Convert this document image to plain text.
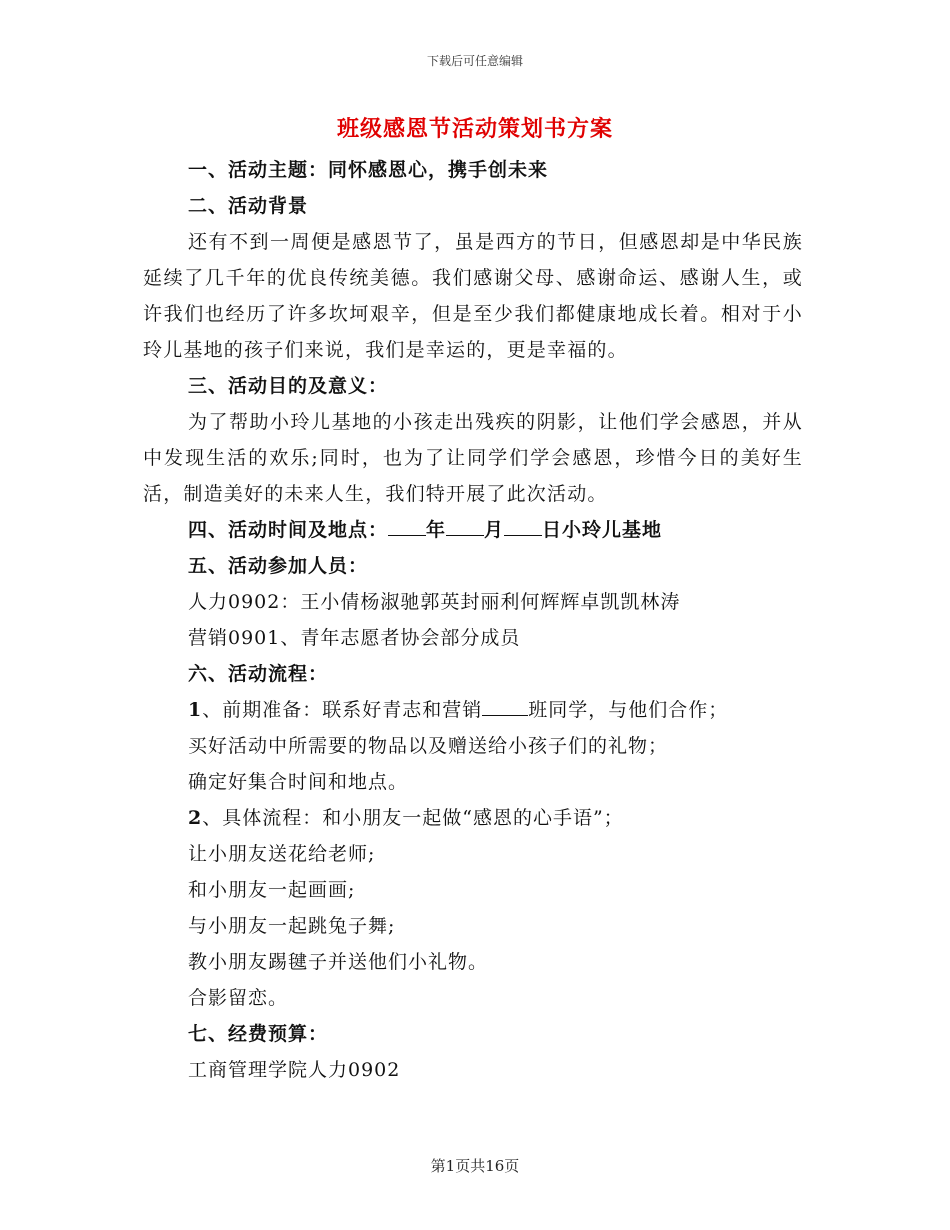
下载后可任意编辑
班级感恩节活动策划书方案
一、活动主题：同怀感恩心，携手创未来
二、活动背景

还有不到一周便是感恩节了，虽是西方的节日，但感恩却是中华民族延续了几千年的优良传统美德。我们感谢父母、感谢命运、感谢人生，或许我们也经历了许多坎坷艰辛，但是至少我们都健康地成长着。相对于小玲儿基地的孩子们来说，我们是幸运的，更是幸福的。

三、活动目的及意义：

为了帮助小玲儿基地的小孩走出残疾的阴影，让他们学会感恩，并从中发现生活的欢乐;同时，也为了让同学们学会感恩，珍惜今日的美好生活，制造美好的未来人生，我们特开展了此次活动。

四、活动时间及地点： 年 月 日小玲儿基地
五、活动参加人员：
人力0902：王小倩杨淑驰郭英封丽利何辉辉卓凯凯林涛
营销0901、青年志愿者协会部分成员
六、活动流程：
1、前期准备：联系好青志和营销 班同学，与他们合作；
买好活动中所需要的物品以及赠送给小孩子们的礼物；
确定好集合时间和地点。
2、具体流程：和小朋友一起做“感恩的心手语”；
让小朋友送花给老师;
和小朋友一起画画;
与小朋友一起跳兔子舞;
教小朋友踢毽子并送他们小礼物。
合影留恋。
七、经费预算：
工商管理学院人力0902
第1页共16页
